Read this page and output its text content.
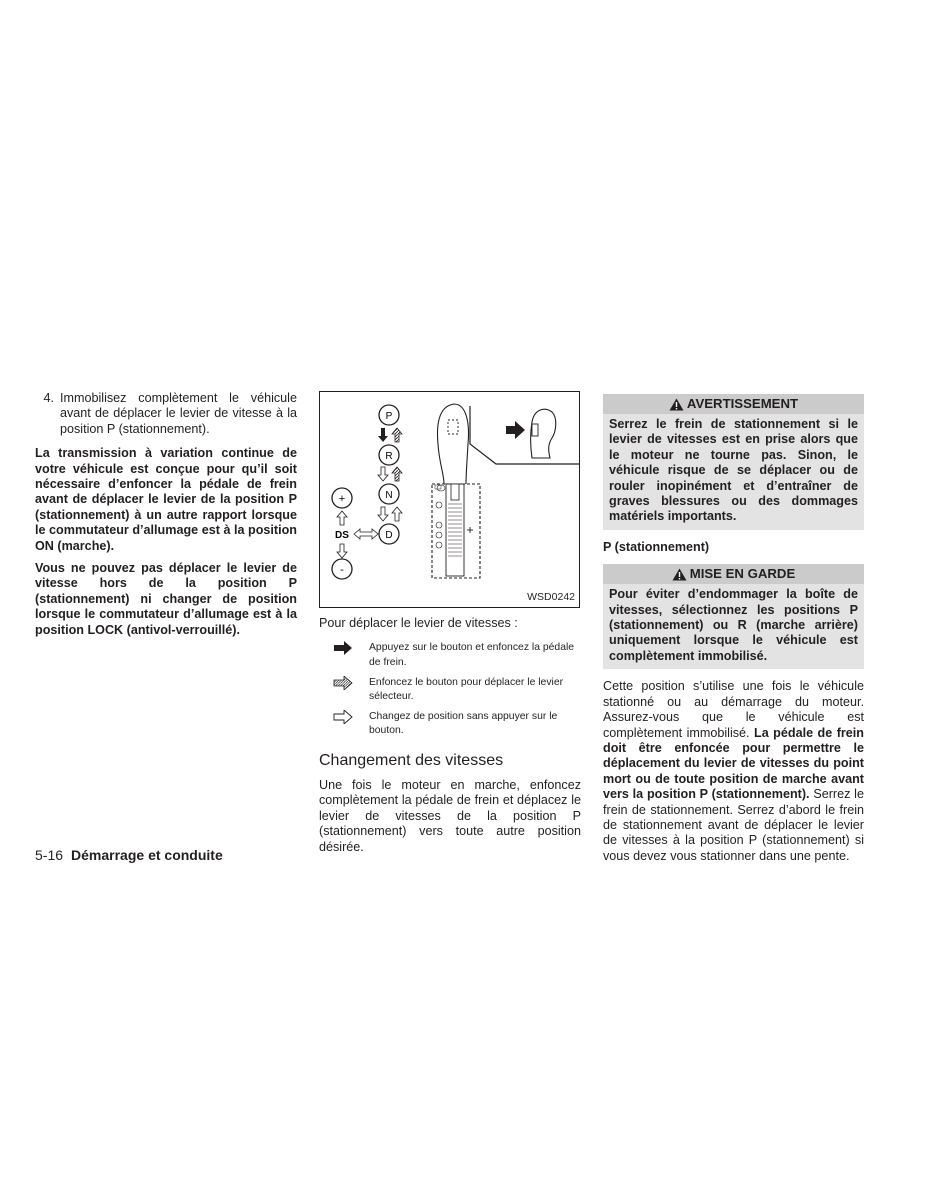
4. Immobilisez complètement le véhicule avant de déplacer le levier de vitesse à la position P (stationnement).

La transmission à variation continue de votre véhicule est conçue pour qu’il soit nécessaire d’enfoncer la pédale de frein avant de déplacer le levier de la position P (stationnement) à un autre rapport lorsque le commutateur d’allumage est à la position ON (marche).

Vous ne pouvez pas déplacer le levier de vitesse hors de la position P (stationnement) ni changer de position lorsque le commutateur d’allumage est à la position LOCK (antivol-verrouillé).

P
R
N
D
+
-
DS
WSD0242
Pour déplacer le levier de vitesses :
Appuyez sur le bouton et enfoncez la pédale de frein.
Enfoncez le bouton pour déplacer le levier sélecteur.
Changez de position sans appuyer sur le bouton.
Changement des vitesses

Une fois le moteur en marche, enfoncez complètement la pédale de frein et déplacez le levier de vitesses de la position P (stationnement) vers toute autre position désirée.

AVERTISSEMENT
Serrez le frein de stationnement si le levier de vitesses est en prise alors que le moteur ne tourne pas. Sinon, le véhicule risque de se déplacer ou de rouler inopinément et d’entraîner de graves blessures ou des dommages matériels importants.

P (stationnement)

MISE EN GARDE
Pour éviter d’endommager la boîte de vitesses, sélectionnez les positions P (stationnement) ou R (marche arrière) uniquement lorsque le véhicule est complètement immobilisé.

Cette position s’utilise une fois le véhicule stationné ou au démarrage du moteur. Assurez-vous que le véhicule est complètement immobilisé. La pédale de frein doit être enfoncée pour permettre le déplacement du levier de vitesses du point mort ou de toute position de marche avant vers la position P (stationnement). Serrez le frein de stationnement. Serrez d’abord le frein de stationnement avant de déplacer le levier de vitesses à la position P (stationnement) si vous devez vous stationner dans une pente.

5-16 Démarrage et conduite
